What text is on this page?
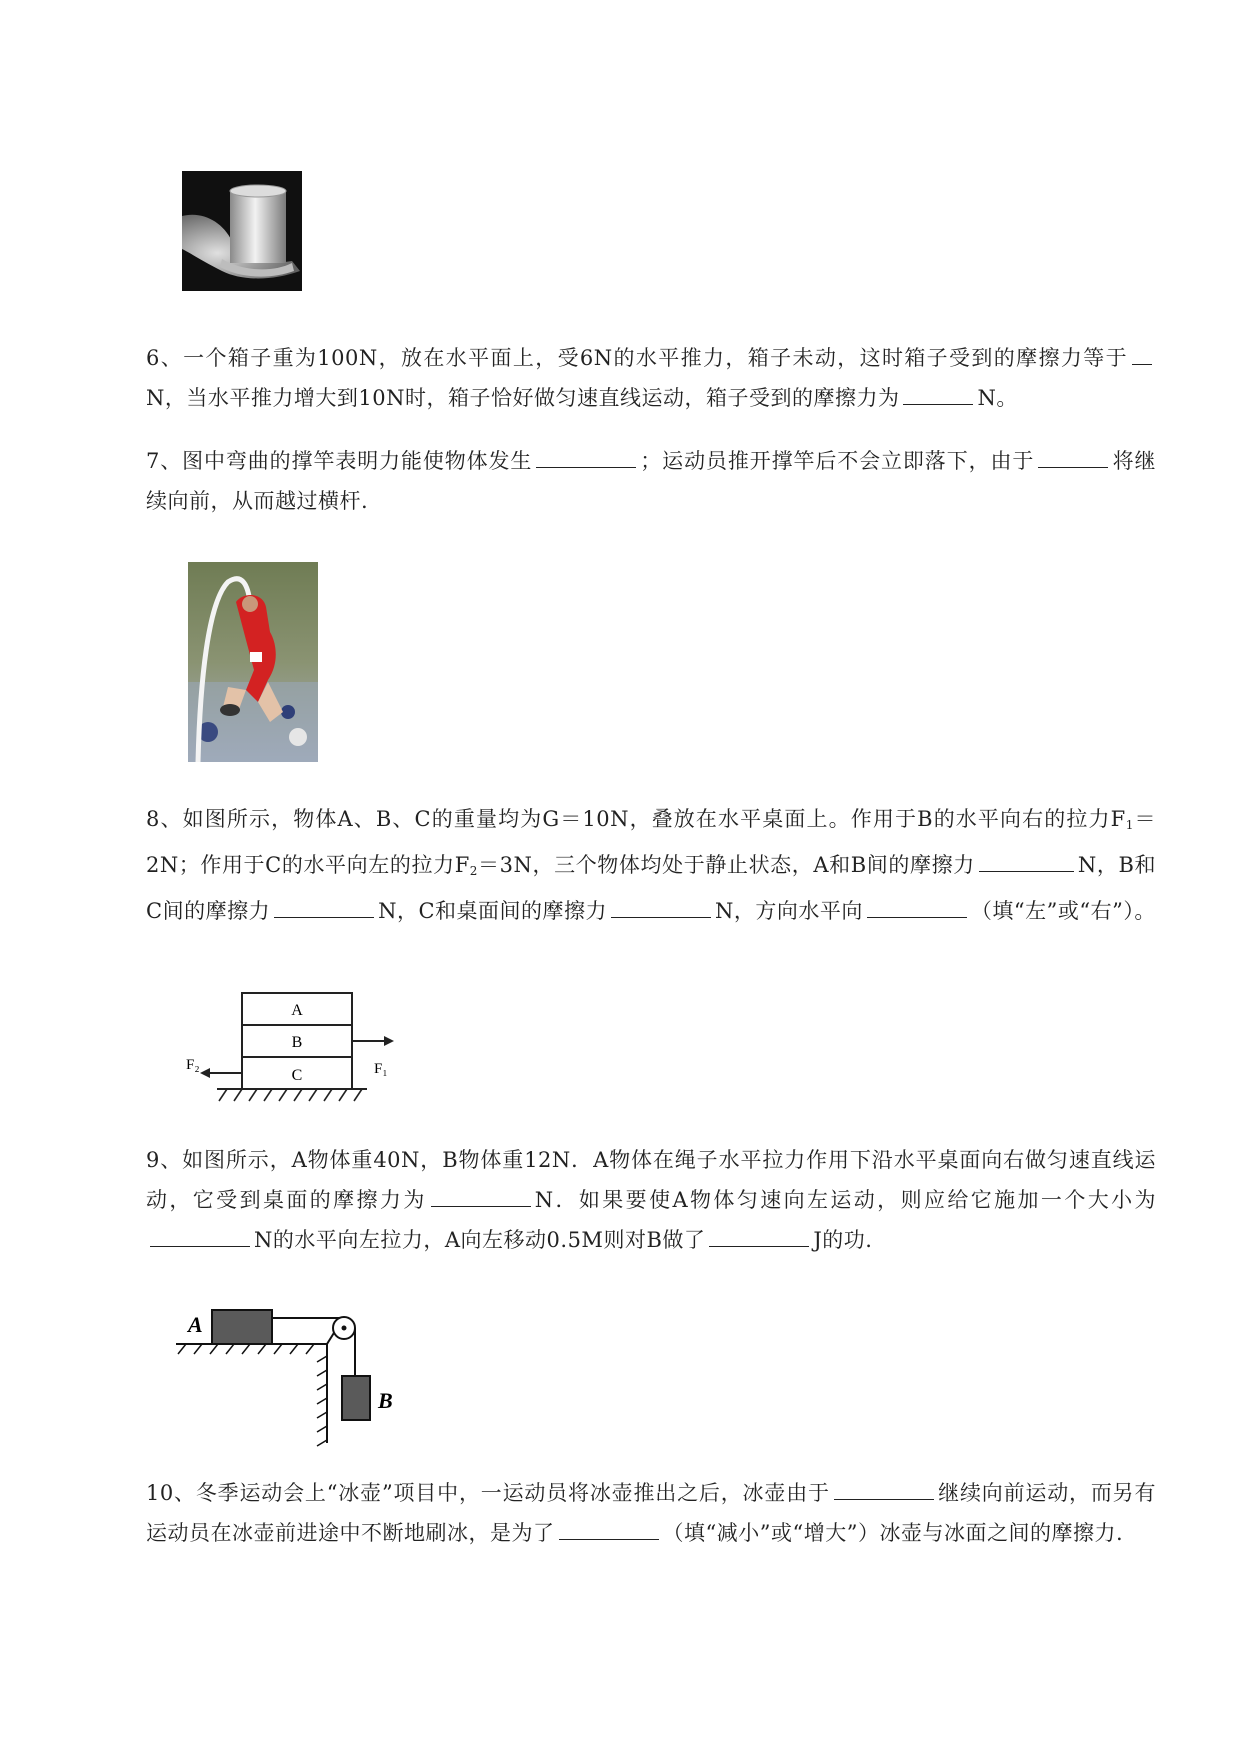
6、一个箱子重为100N，放在水平面上，受6N的水平推力，箱子未动，这时箱子受到的摩擦力等于N，当水平推力增大到10N时，箱子恰好做匀速直线运动，箱子受到的摩擦力为	N。
7、图中弯曲的撑竿表明力能使物体发生	；运动员推开撑竿后不会立即落下，由于	将继续向前，从而越过横杆.
8、如图所示，物体A、B、C的重量均为G＝10N，叠放在水平桌面上。作用于B的水平向右的拉力$F_1=2N$；作用于C的水平向左的拉力$F_2=3N$，三个物体均处于静止状态，A和B间的摩擦力	N，B和C间的摩擦力	N，C和桌面间的摩擦力	N，方向水平向	（填“左”或“右”）。
A
B
C	F₁
F₂
9、如图所示，A物体重40N，B物体重12N．A物体在绳子水平拉力作用下沿水平桌面向右做匀速直线运动，它受到桌面的摩擦力为	N．如果要使A物体匀速向左运动，则应给它施加一个大小为N的水平向左拉力，A向左移动0.5M则对B做了	J的功.
A
B
10、冬季运动会上“冰壶”项目中，一运动员将冰壶推出之后，冰壶由于	继续向前运动，而另有运动员在冰壶前进途中不断地刷冰，是为了	（填“减小”或“增大”）冰壶与冰面之间的摩擦力.
